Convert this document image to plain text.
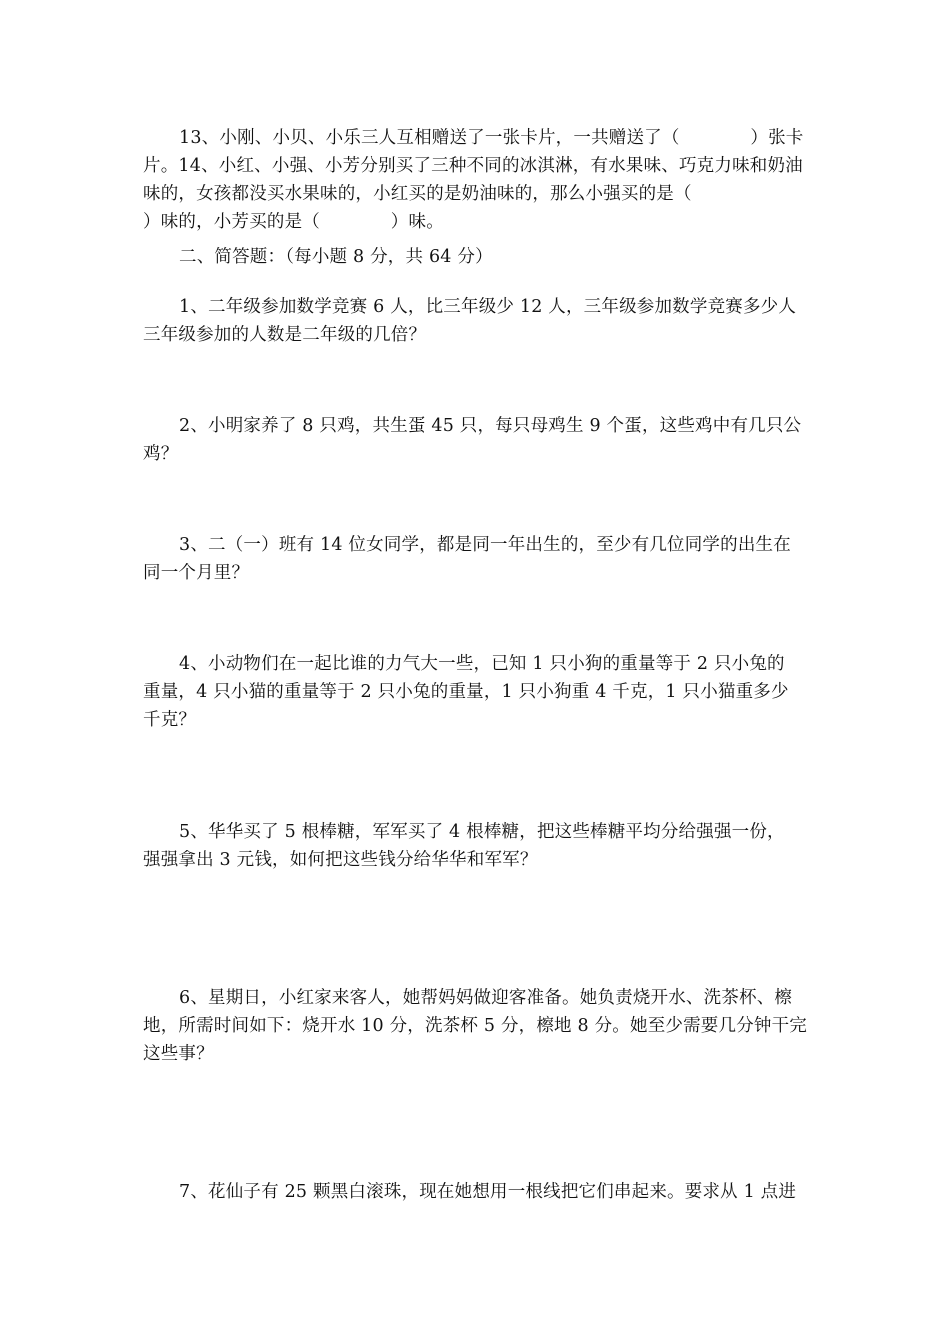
13、小刚、小贝、小乐三人互相赠送了一张卡片，一共赠送了（　　　　）张卡
片。14、小红、小强、小芳分别买了三种不同的冰淇淋，有水果味、巧克力味和奶油
味的，女孩都没买水果味的，小红买的是奶油味的，那么小强买的是（
）味的，小芳买的是（　　　　）味。
二、简答题：（每小题 8 分，共 64 分）
1、二年级参加数学竞赛 6 人，比三年级少 12 人，三年级参加数学竞赛多少人
三年级参加的人数是二年级的几倍？
2、小明家养了 8 只鸡，共生蛋 45 只，每只母鸡生 9 个蛋，这些鸡中有几只公
鸡？
3、二（一）班有 14 位女同学，都是同一年出生的，至少有几位同学的出生在
同一个月里？
4、小动物们在一起比谁的力气大一些，已知 1 只小狗的重量等于 2 只小兔的
重量，4 只小猫的重量等于 2 只小兔的重量，1 只小狗重 4 千克，1 只小猫重多少
千克？
5、华华买了 5 根棒糖，军军买了 4 根棒糖，把这些棒糖平均分给强强一份，
强强拿出 3 元钱，如何把这些钱分给华华和军军？
6、星期日，小红家来客人，她帮妈妈做迎客准备。她负责烧开水、洗茶杯、檫
地，所需时间如下：烧开水 10 分，洗茶杯 5 分，檫地 8 分。她至少需要几分钟干完
这些事？
7、花仙子有 25 颗黑白滚珠，现在她想用一根线把它们串起来。要求从 1 点进
